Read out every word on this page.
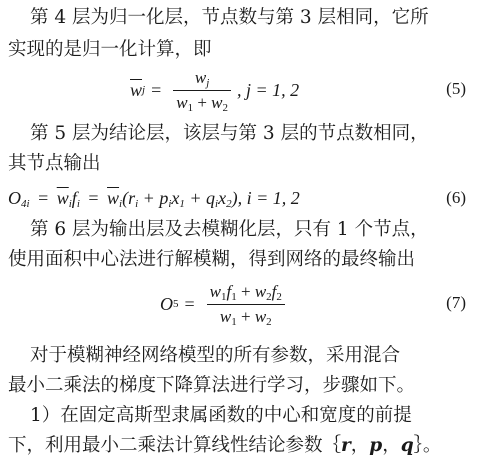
第 4 层为归一化层，节点数与第 3 层相同，它所
实现的是归一化计算，即
$\overline{w}$ $j = \frac{w_j}{w_1 + w_2}$ , j = 1, 2	(5)
第 5 层为结论层，该层与第 3 层的节点数相同，
其节点输出
$O_{4i} = \overline{w}_if_i = \overline{w}_i(r_i + p_ix_1 + q_ix_2)$, i = 1, 2	(6)
第 6 层为输出层及去模糊化层，只有 1 个节点，
使用面积中心法进行解模糊，得到网络的最终输出
O $5 = \frac{w_1f_1 + w_2f_2}{w_1 + w_2}$	(7)
对于模糊神经网络模型的所有参数，采用混合
最小二乘法的梯度下降算法进行学习，步骤如下。
1）在固定高斯型隶属函数的中心和宽度的前提
下，利用最小二乘法计算线性结论参数｛r，p，q｝。
